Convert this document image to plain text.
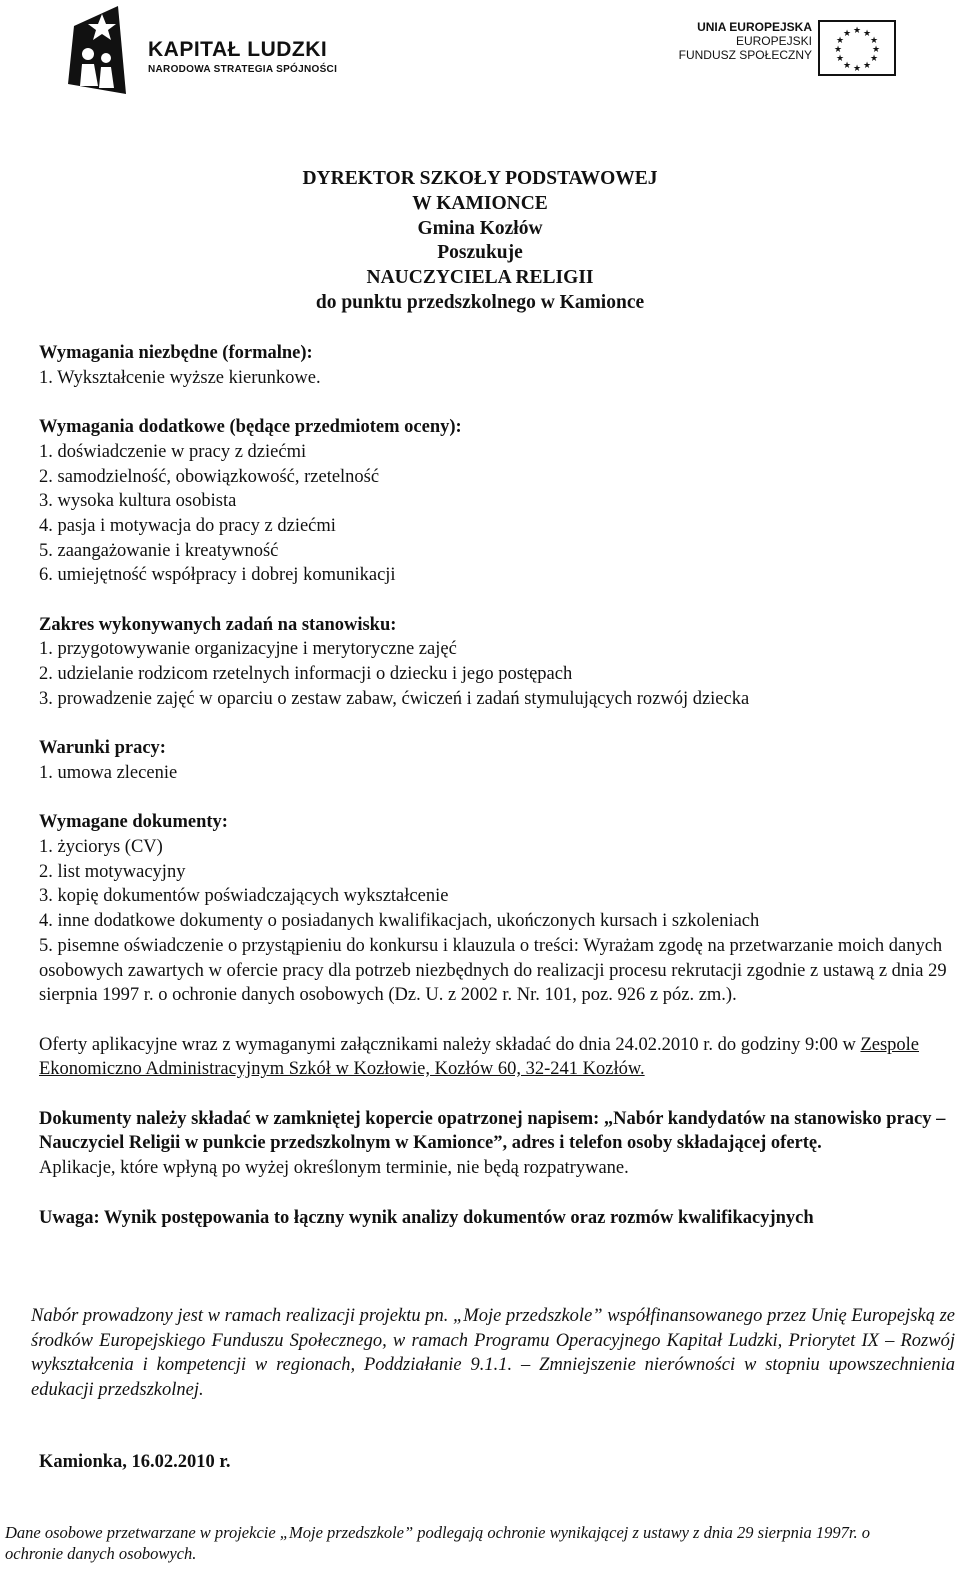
KAPITAŁ LUDZKI
NARODOWA STRATEGIA SPÓJNOŚCI
UNIA EUROPEJSKA
EUROPEJSKI
FUNDUSZ SPOŁECZNY
★ ★
★
★
★
★
★
★
★
★
★
★
DYREKTOR SZKOŁY PODSTAWOWEJ
W KAMIONCE
Gmina Kozłów
Poszukuje
NAUCZYCIELA RELIGII
do punktu przedszkolnego w Kamionce

Wymagania niezbędne (formalne):

1. Wykształcenie wyższe kierunkowe.

Wymagania dodatkowe (będące przedmiotem oceny):

1. doświadczenie w pracy z dziećmi

2. samodzielność, obowiązkowość, rzetelność

3. wysoka kultura osobista

4. pasja i motywacja do pracy z dziećmi

5. zaangażowanie i kreatywność

6. umiejętność współpracy i dobrej komunikacji

Zakres wykonywanych zadań na stanowisku:

1. przygotowywanie organizacyjne i merytoryczne zajęć

2. udzielanie rodzicom rzetelnych informacji o dziecku i jego postępach

3. prowadzenie zajęć w oparciu o zestaw zabaw, ćwiczeń i zadań stymulujących rozwój dziecka

Warunki pracy:

1. umowa zlecenie

Wymagane dokumenty:

1. życiorys (CV)

2. list motywacyjny

3. kopię dokumentów poświadczających wykształcenie

4. inne dodatkowe dokumenty o posiadanych kwalifikacjach, ukończonych kursach i szkoleniach

5. pisemne oświadczenie o przystąpieniu do konkursu i klauzula o treści: Wyrażam zgodę na przetwarzanie moich danych osobowych zawartych w ofercie pracy dla potrzeb niezbędnych do realizacji procesu rekrutacji zgodnie z ustawą z dnia 29 sierpnia 1997 r. o ochronie danych osobowych (Dz. U. z 2002 r. Nr. 101, poz. 926 z póz. zm.).

Oferty aplikacyjne wraz z wymaganymi załącznikami należy składać do dnia 24.02.2010 r. do godziny 9:00 w Zespole Ekonomiczno Administracyjnym Szkół w Kozłowie, Kozłów 60, 32-241 Kozłów.

Dokumenty należy składać w zamkniętej kopercie opatrzonej napisem: „Nabór kandydatów na stanowisko pracy – Nauczyciel Religii w punkcie przedszkolnym w Kamionce”, adres i telefon osoby składającej ofertę.

Aplikacje, które wpłyną po wyżej określonym terminie, nie będą rozpatrywane.

Uwaga: Wynik postępowania to łączny wynik analizy dokumentów oraz rozmów kwalifikacyjnych

Nabór prowadzony jest w ramach realizacji projektu pn. „Moje przedszkole” współfinansowanego przez Unię Europejską ze środków Europejskiego Funduszu Społecznego, w ramach Programu Operacyjnego Kapitał Ludzki, Priorytet IX – Rozwój wykształcenia i kompetencji w regionach, Poddziałanie 9.1.1. – Zmniejszenie nierówności w stopniu upowszechnienia edukacji przedszkolnej.
Kamionka, 16.02.2010 r.
Dane osobowe przetwarzane w projekcie „Moje przedszkole” podlegają ochronie wynikającej z ustawy z dnia 29 sierpnia 1997r. o ochronie danych osobowych.
